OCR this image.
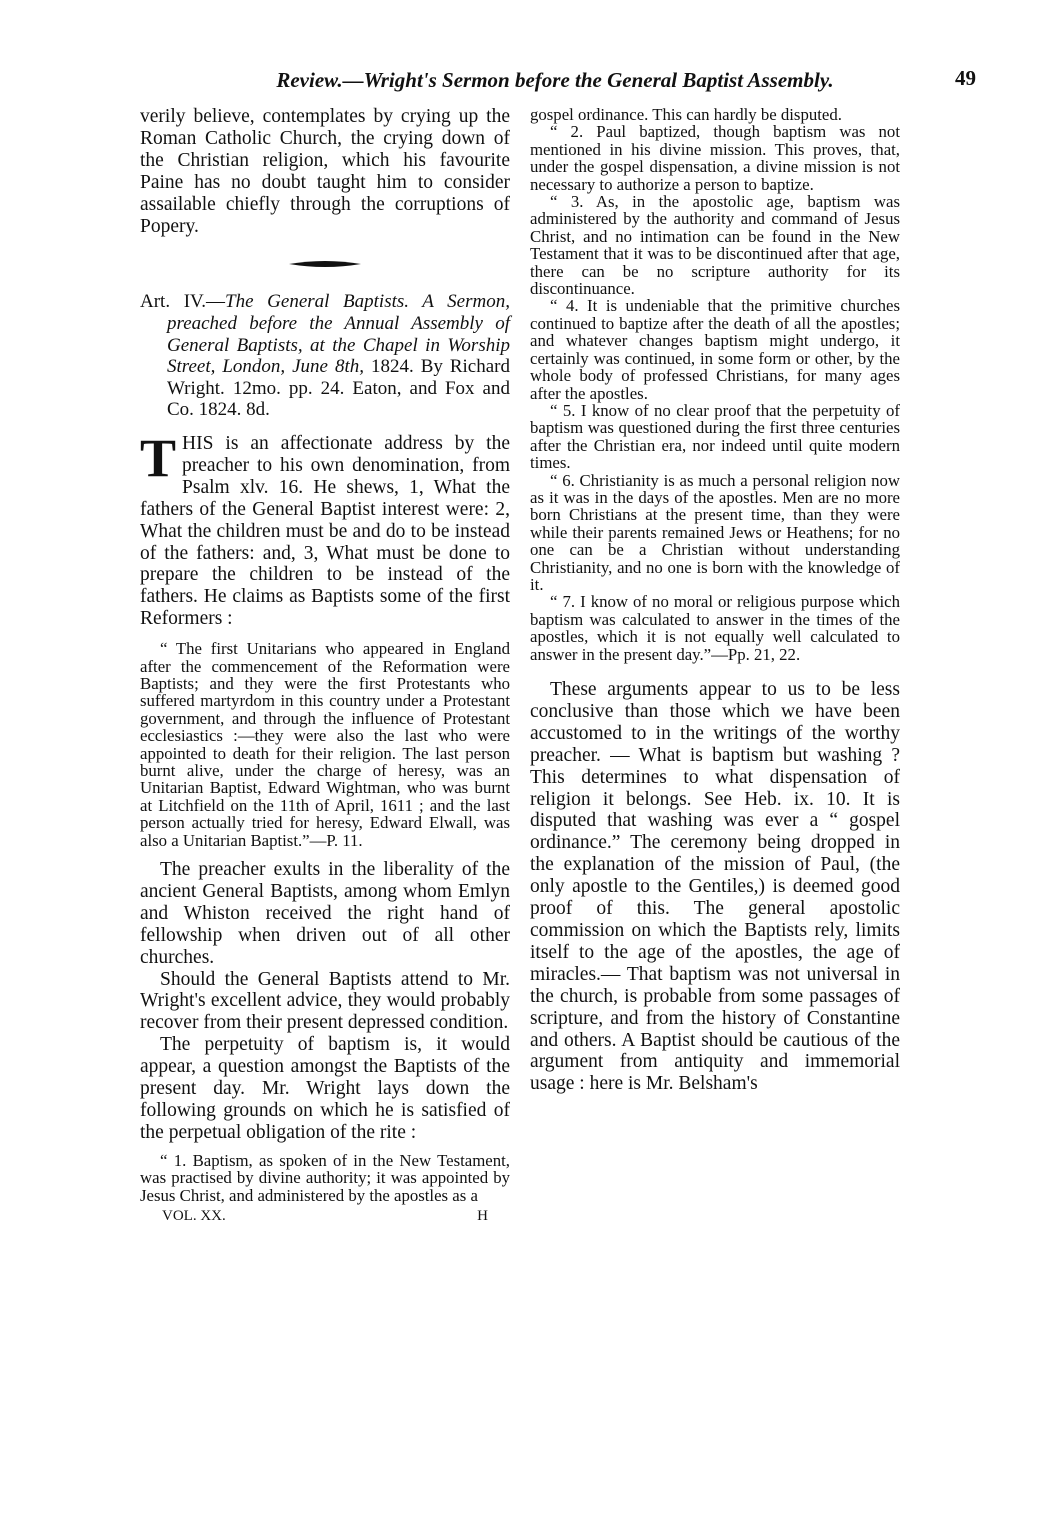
Review.—Wright's Sermon before the General Baptist Assembly.	49

verily believe, contemplates by crying up the Roman Catholic Church, the crying down of the Christian religion, which his favourite Paine has no doubt taught him to consider assailable chiefly through the corruptions of Popery.

Art. IV.—The General Baptists. A Sermon, preached before the Annual Assembly of General Baptists, at the Chapel in Worship Street, London, June 8th, 1824. By Richard Wright. 12mo. pp. 24. Eaton, and Fox and Co. 1824. 8d.

THIS is an affectionate address by the preacher to his own denomination, from Psalm xlv. 16. He shews, 1, What the fathers of the General Baptist interest were: 2, What the children must be and do to be instead of the fathers: and, 3, What must be done to prepare the children to be instead of the fathers. He claims as Baptists some of the first Reformers :

“ The first Unitarians who appeared in England after the commencement of the Reformation were Baptists; and they were the first Protestants who suffered martyrdom in this country under a Protestant government, and through the influence of Protestant ecclesiastics :—they were also the last who were appointed to death for their religion. The last person burnt alive, under the charge of heresy, was an Unitarian Baptist, Edward Wightman, who was burnt at Litchfield on the 11th of April, 1611 ; and the last person actually tried for heresy, Edward Elwall, was also a Unitarian Baptist.”—P. 11.

The preacher exults in the liberality of the ancient General Baptists, among whom Emlyn and Whiston received the right hand of fellowship when driven out of all other churches.

Should the General Baptists attend to Mr. Wright's excellent advice, they would probably recover from their present depressed condition.

The perpetuity of baptism is, it would appear, a question amongst the Baptists of the present day. Mr. Wright lays down the following grounds on which he is satisfied of the perpetual obligation of the rite :

“ 1. Baptism, as spoken of in the New Testament, was practised by divine authority; it was appointed by Jesus Christ, and administered by the apostles as a

VOL. XX.	H

gospel ordinance. This can hardly be disputed.

“ 2. Paul baptized, though baptism was not mentioned in his divine mission. This proves, that, under the gospel dispensation, a divine mission is not necessary to authorize a person to baptize.

“ 3. As, in the apostolic age, baptism was administered by the authority and command of Jesus Christ, and no intimation can be found in the New Testament that it was to be discontinued after that age, there can be no scripture authority for its discontinuance.

“ 4. It is undeniable that the primitive churches continued to baptize after the death of all the apostles; and whatever changes baptism might undergo, it certainly was continued, in some form or other, by the whole body of professed Christians, for many ages after the apostles.

“ 5. I know of no clear proof that the perpetuity of baptism was questioned during the first three centuries after the Christian era, nor indeed until quite modern times.

“ 6. Christianity is as much a personal religion now as it was in the days of the apostles. Men are no more born Christians at the present time, than they were while their parents remained Jews or Heathens; for no one can be a Christian without understanding Christianity, and no one is born with the knowledge of it.

“ 7. I know of no moral or religious purpose which baptism was calculated to answer in the times of the apostles, which it is not equally well calculated to answer in the present day.”—Pp. 21, 22.

These arguments appear to us to be less conclusive than those which we have been accustomed to in the writings of the worthy preacher. — What is baptism but washing ? This determines to what dispensation of religion it belongs. See Heb. ix. 10. It is disputed that washing was ever a “ gospel ordinance.” The ceremony being dropped in the explanation of the mission of Paul, (the only apostle to the Gentiles,) is deemed good proof of this. The general apostolic commission on which the Baptists rely, limits itself to the age of the apostles, the age of miracles.— That baptism was not universal in the church, is probable from some passages of scripture, and from the history of Constantine and others. A Baptist should be cautious of the argument from antiquity and immemorial usage : here is Mr. Belsham's
